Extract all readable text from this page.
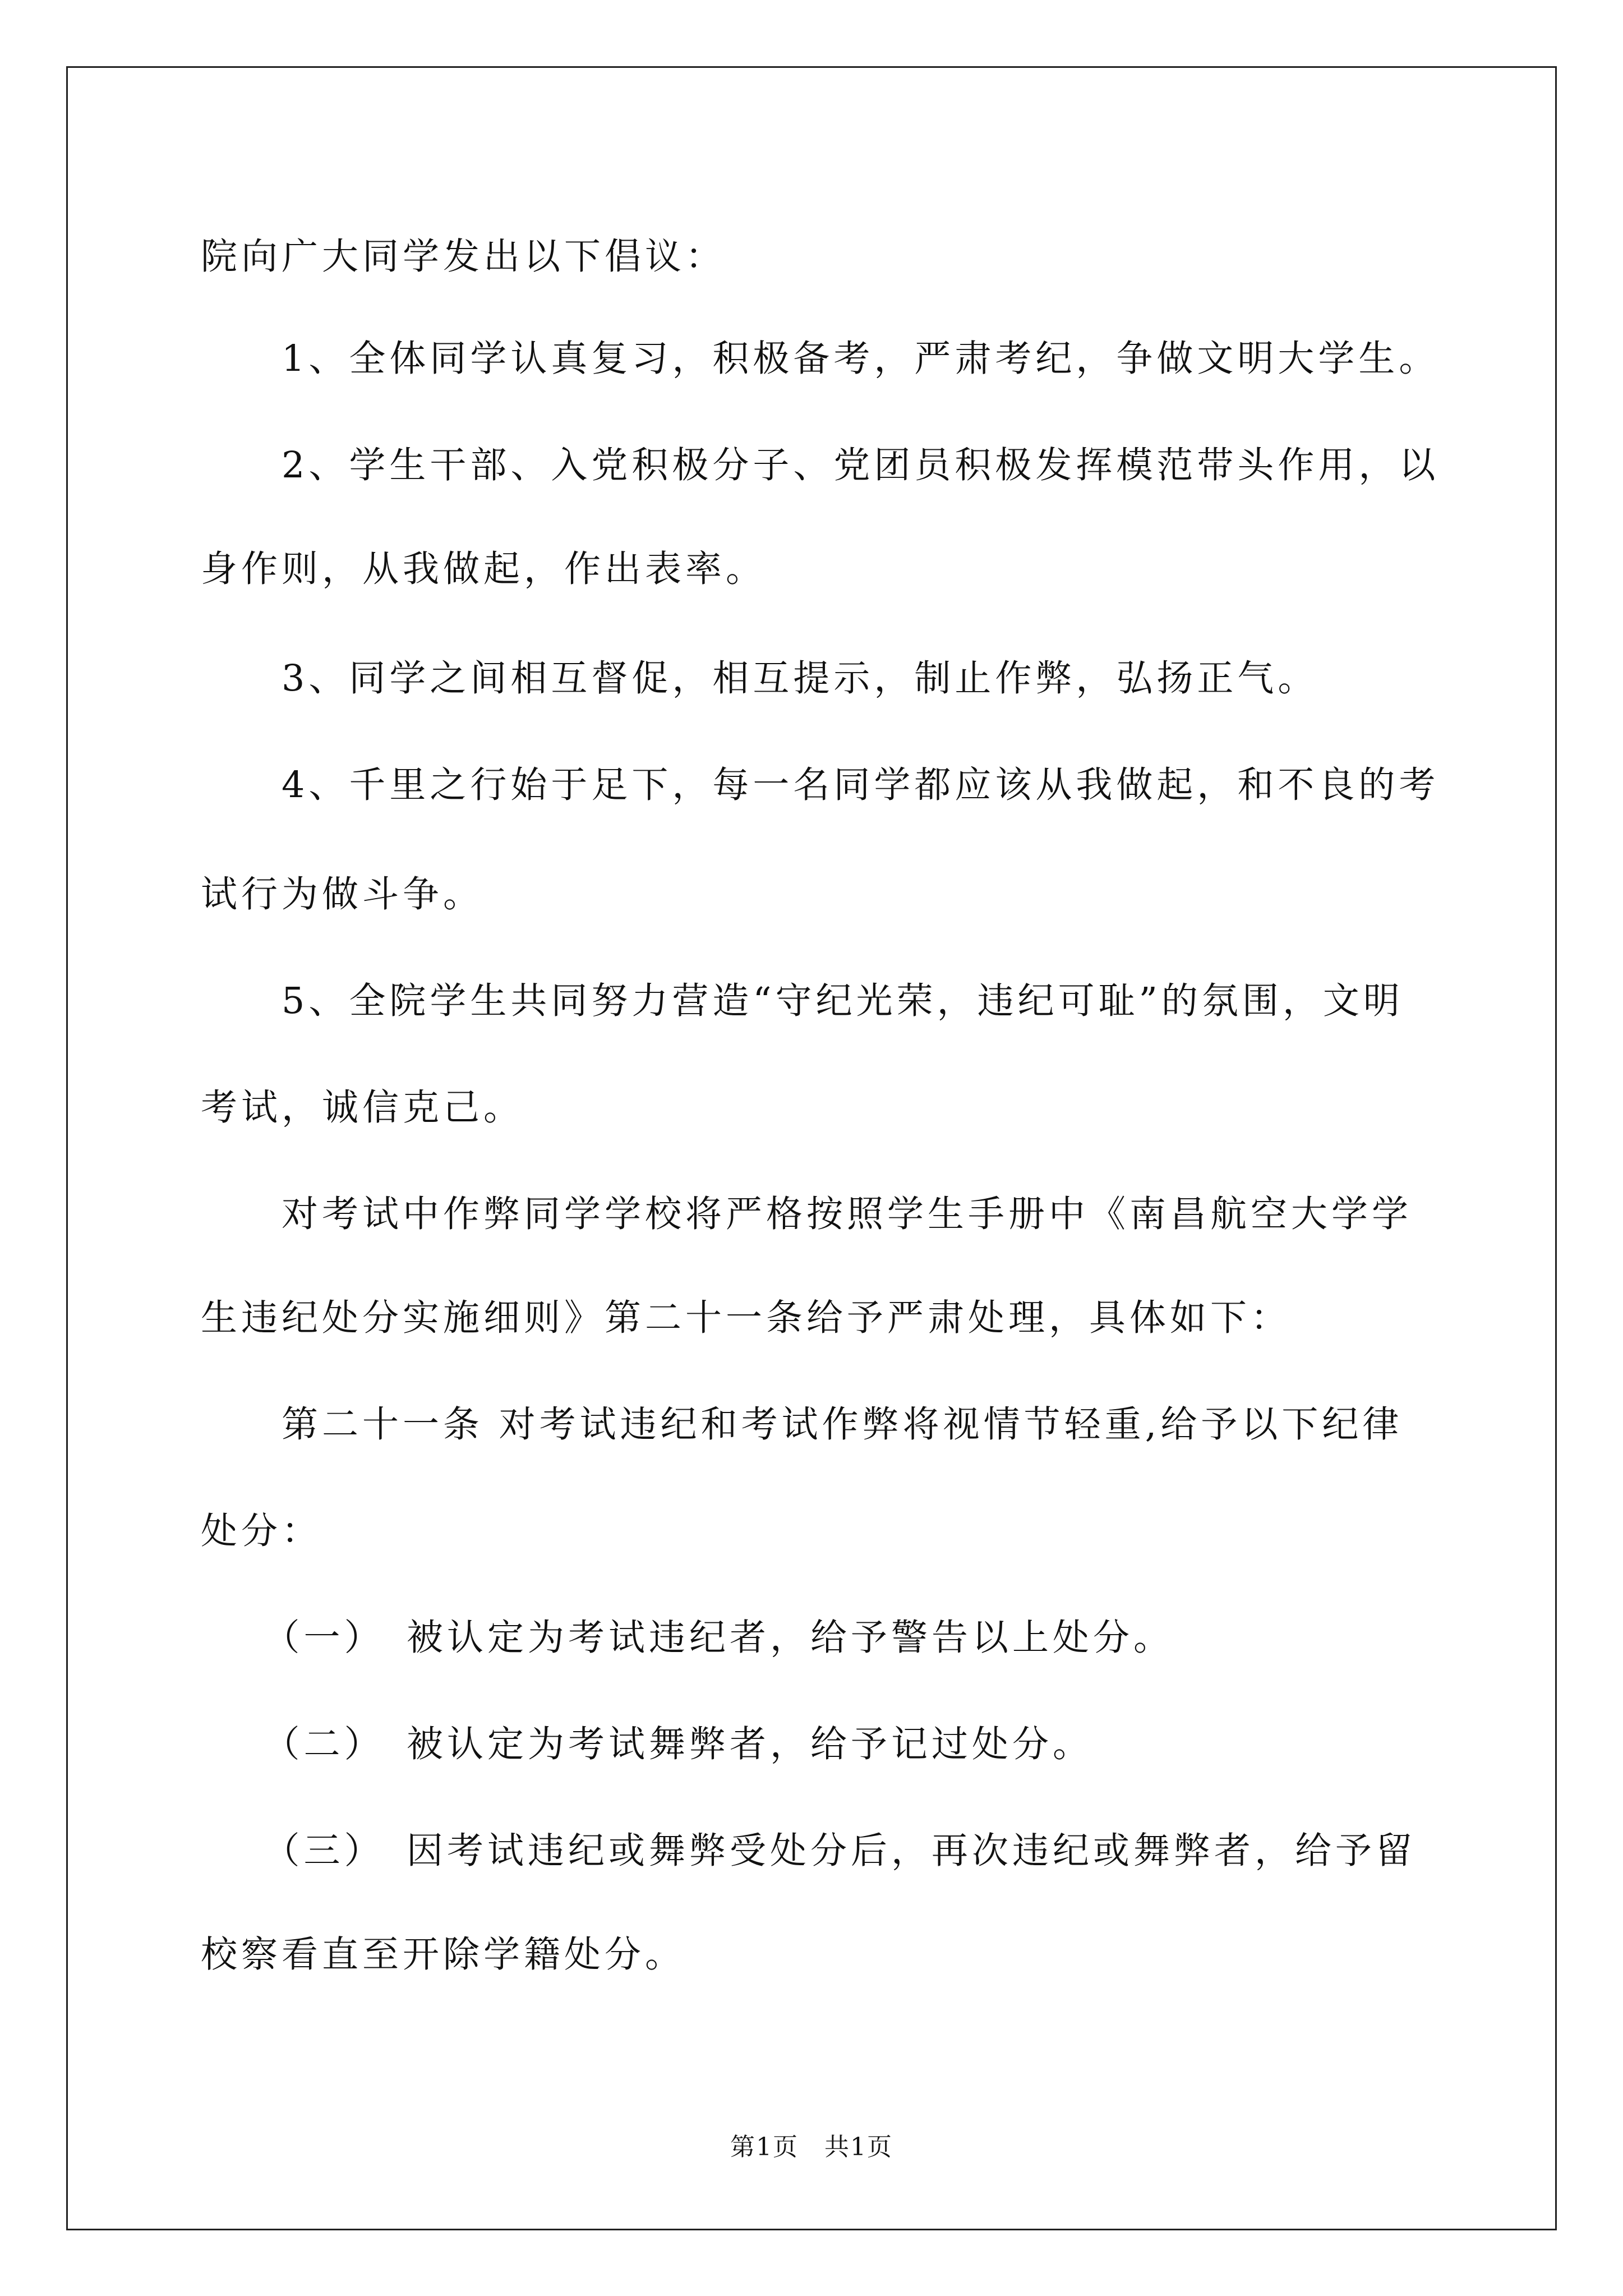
院向广大同学发出以下倡议：
　　1、全体同学认真复习，积极备考，严肃考纪，争做文明大学生。
　　2、学生干部、入党积极分子、党团员积极发挥模范带头作用，以
身作则，从我做起，作出表率。
　　3、同学之间相互督促，相互提示，制止作弊，弘扬正气。
　　4、千里之行始于足下，每一名同学都应该从我做起，和不良的考
试行为做斗争。
　　5、全院学生共同努力营造“守纪光荣，违纪可耻”的氛围，文明
考试，诚信克己。
　　对考试中作弊同学学校将严格按照学生手册中《南昌航空大学学
生违纪处分实施细则》第二十一条给予严肃处理，具体如下：
　　第二十一条 对考试违纪和考试作弊将视情节轻重,给予以下纪律
处分：
　　（一）　被认定为考试违纪者，给予警告以上处分。
　　（二）　被认定为考试舞弊者，给予记过处分。
　　（三）　因考试违纪或舞弊受处分后，再次违纪或舞弊者，给予留
校察看直至开除学籍处分。
第1页　共1页
